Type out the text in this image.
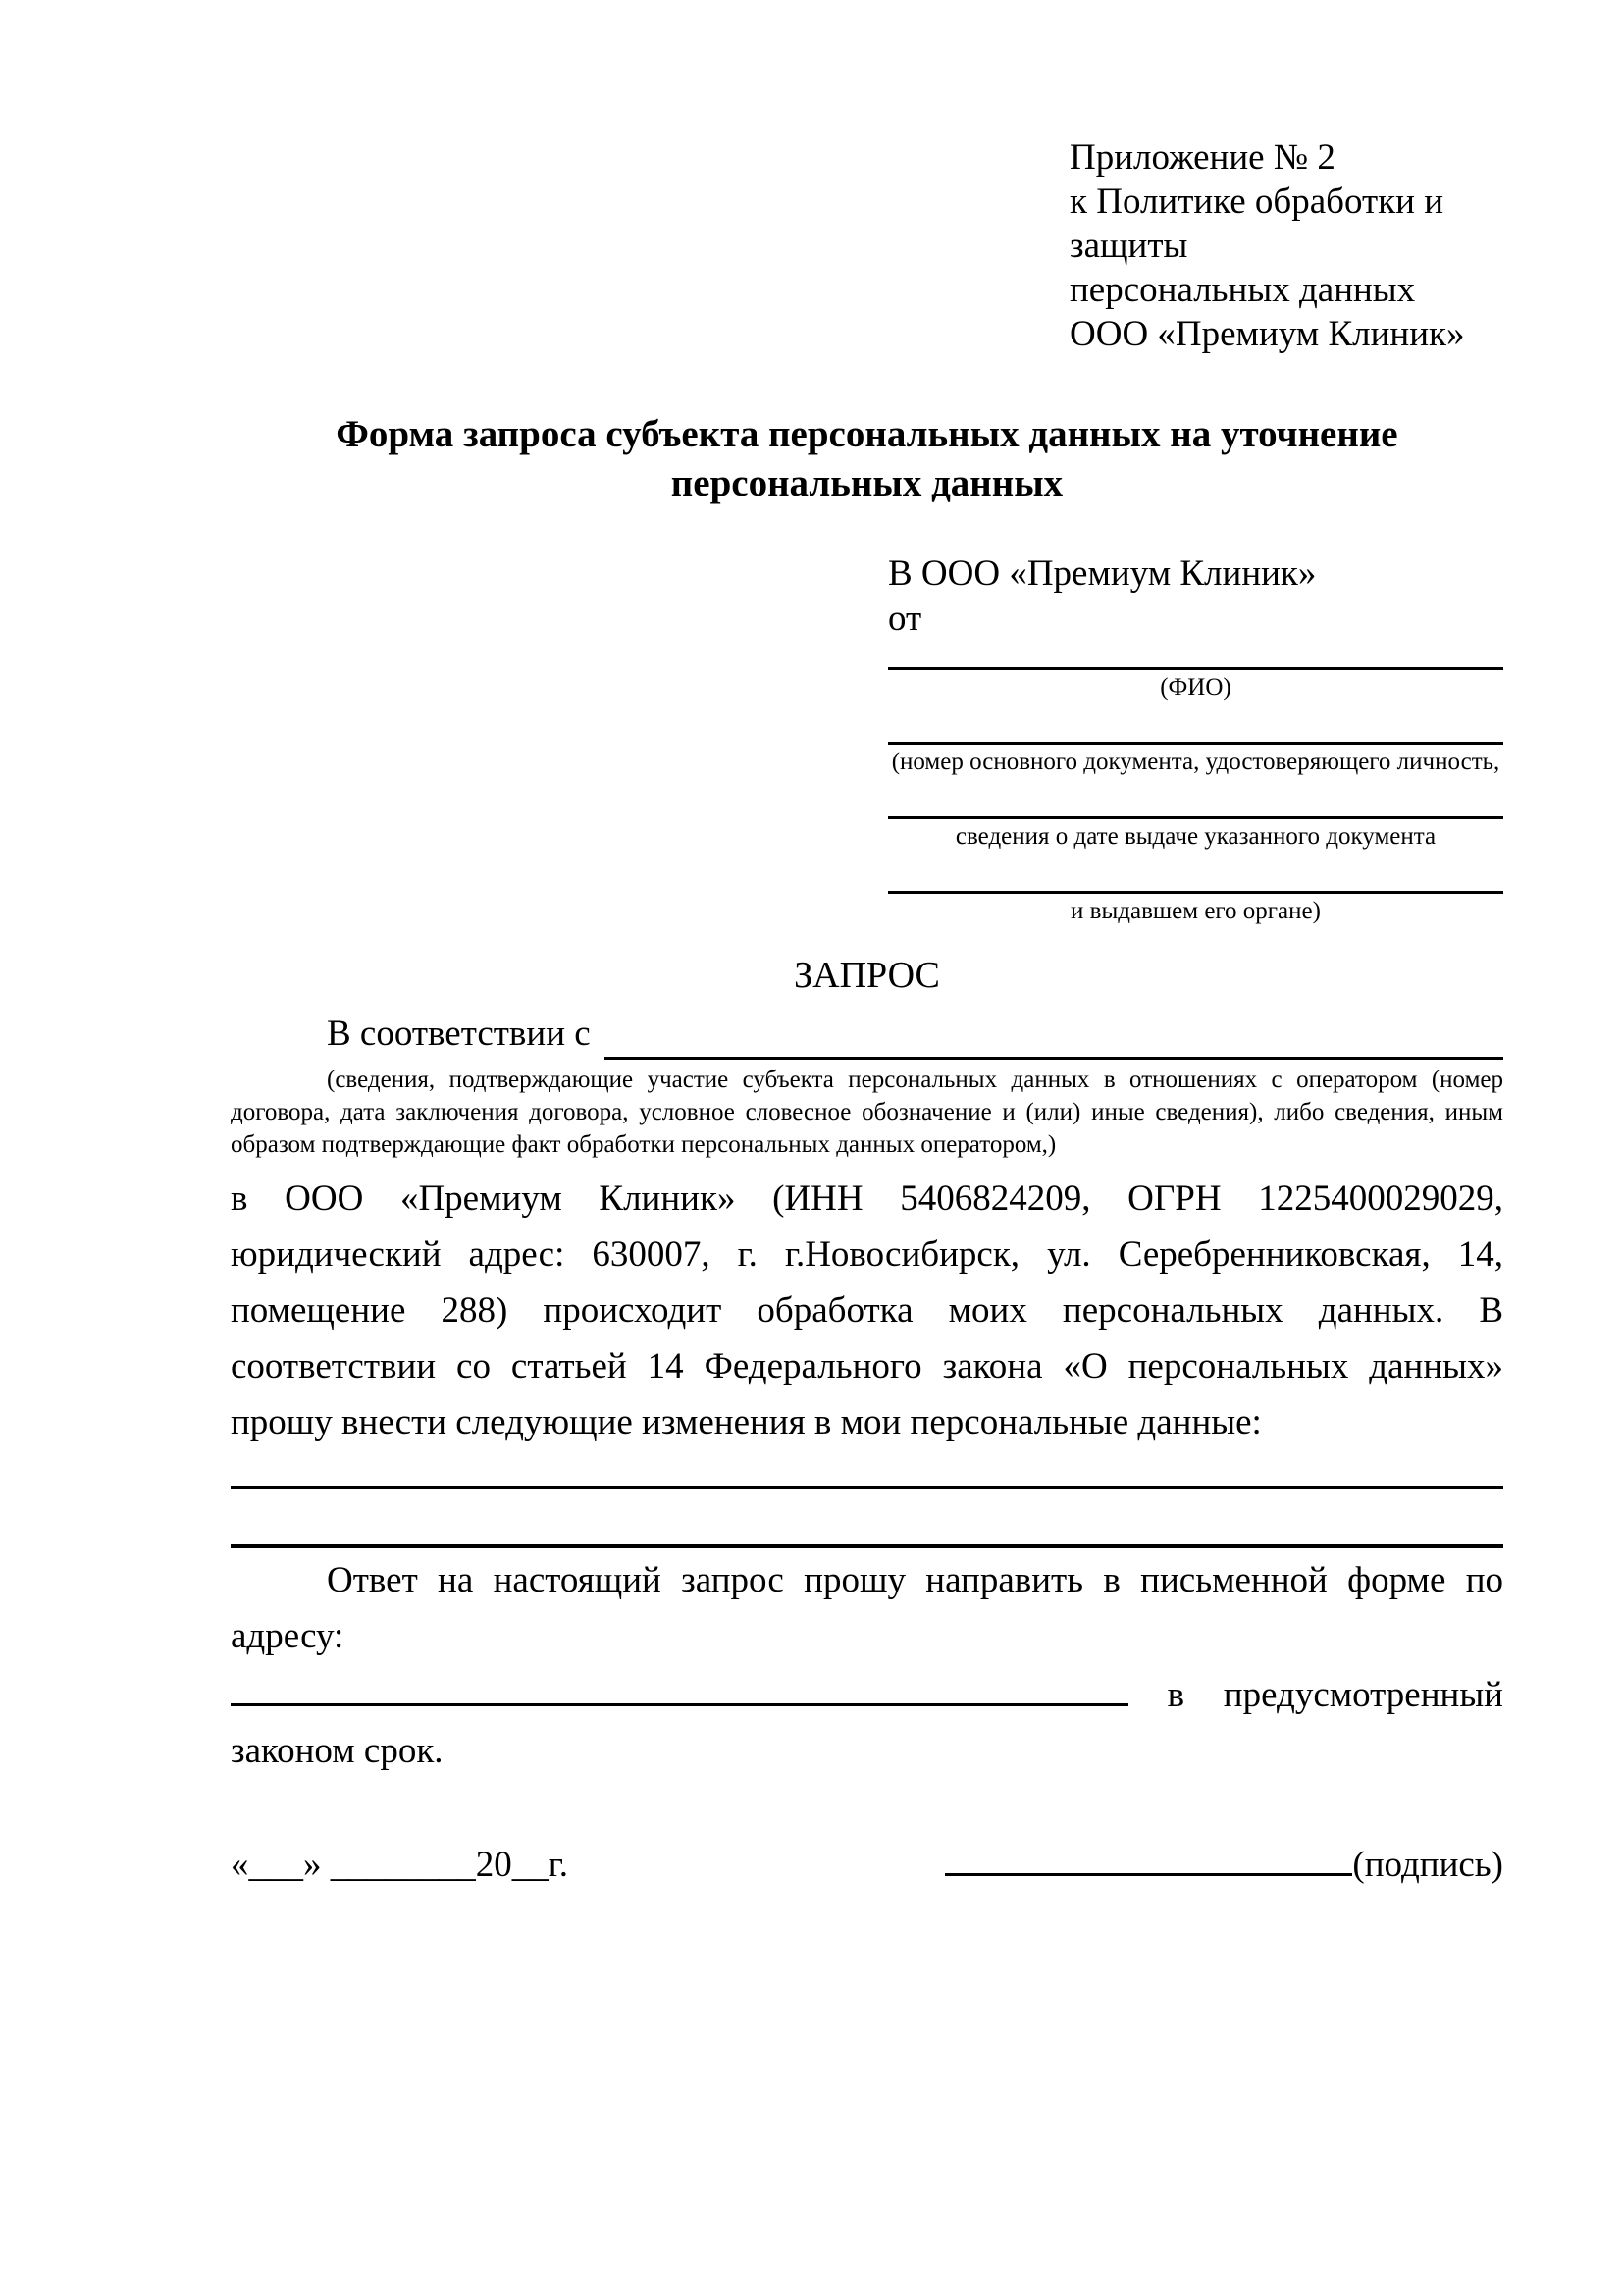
Приложение № 2
к Политике обработки и защиты
персональных данных
ООО «Премиум Клиник»
Форма запроса субъекта персональных данных на уточнение персональных данных
В ООО «Премиум Клиник»
от
(ФИО)
(номер основного документа, удостоверяющего личность,
сведения о дате выдаче указанного документа
и выдавшем его органе)
ЗАПРОС
В соответствии с

(сведения, подтверждающие участие субъекта персональных данных в отношениях с оператором (номер договора, дата заключения договора, условное словесное обозначение и (или) иные сведения), либо сведения, иным образом подтверждающие факт обработки персональных данных оператором,)

в ООО «Премиум Клиник» (ИНН 5406824209, ОГРН 1225400029029, юридический адрес: 630007, г. г.Новосибирск, ул. Серебренниковская, 14, помещение 288) происходит обработка моих персональных данных. В соответствии со статьей 14 Федерального закона «О персональных данных» прошу внести следующие изменения в мои персональные данные:

Ответ на настоящий запрос прошу направить в письменной форме по адресу:
в предусмотренный
законом срок.
«___» ________20__г.	(подпись)
